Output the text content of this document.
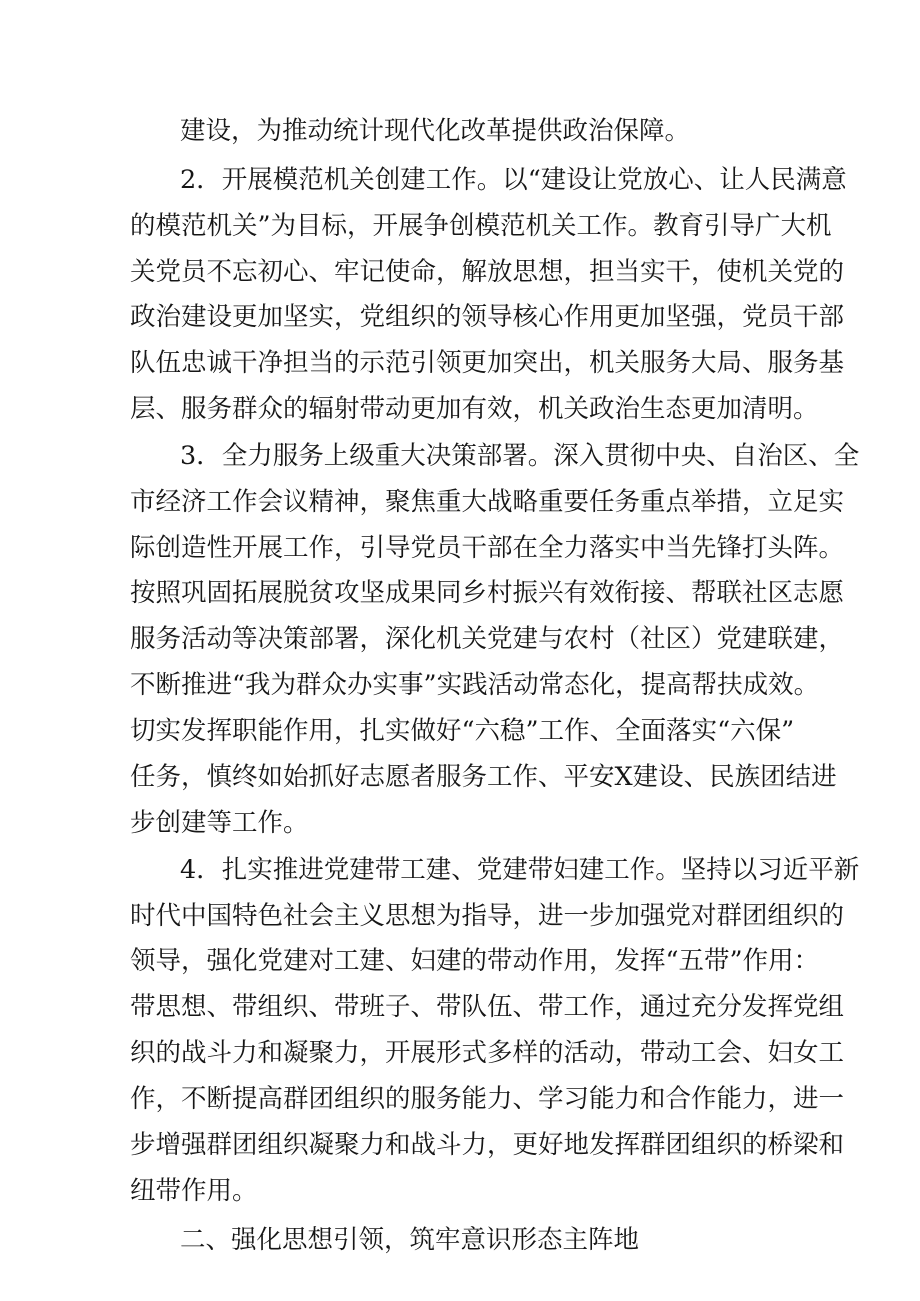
建设，为推动统计现代化改革提供政治保障。
2．开展模范机关创建工作。以“建设让党放心、让人民满意
的模范机关”为目标，开展争创模范机关工作。教育引导广大机
关党员不忘初心、牢记使命，解放思想，担当实干，使机关党的
政治建设更加坚实，党组织的领导核心作用更加坚强，党员干部
队伍忠诚干净担当的示范引领更加突出，机关服务大局、服务基
层、服务群众的辐射带动更加有效，机关政治生态更加清明。
3．全力服务上级重大决策部署。深入贯彻中央、自治区、全
市经济工作会议精神，聚焦重大战略重要任务重点举措，立足实
际创造性开展工作，引导党员干部在全力落实中当先锋打头阵。
按照巩固拓展脱贫攻坚成果同乡村振兴有效衔接、帮联社区志愿
服务活动等决策部署，深化机关党建与农村（社区）党建联建，
不断推进“我为群众办实事”实践活动常态化，提高帮扶成效。
切实发挥职能作用，扎实做好“六稳”工作、全面落实“六保”
任务，慎终如始抓好志愿者服务工作、平安X建设、民族团结进
步创建等工作。
4．扎实推进党建带工建、党建带妇建工作。坚持以习近平新
时代中国特色社会主义思想为指导，进一步加强党对群团组织的
领导，强化党建对工建、妇建的带动作用，发挥“五带”作用：
带思想、带组织、带班子、带队伍、带工作，通过充分发挥党组
织的战斗力和凝聚力，开展形式多样的活动，带动工会、妇女工
作，不断提高群团组织的服务能力、学习能力和合作能力，进一
步增强群团组织凝聚力和战斗力，更好地发挥群团组织的桥梁和
纽带作用。
二、强化思想引领，筑牢意识形态主阵地
